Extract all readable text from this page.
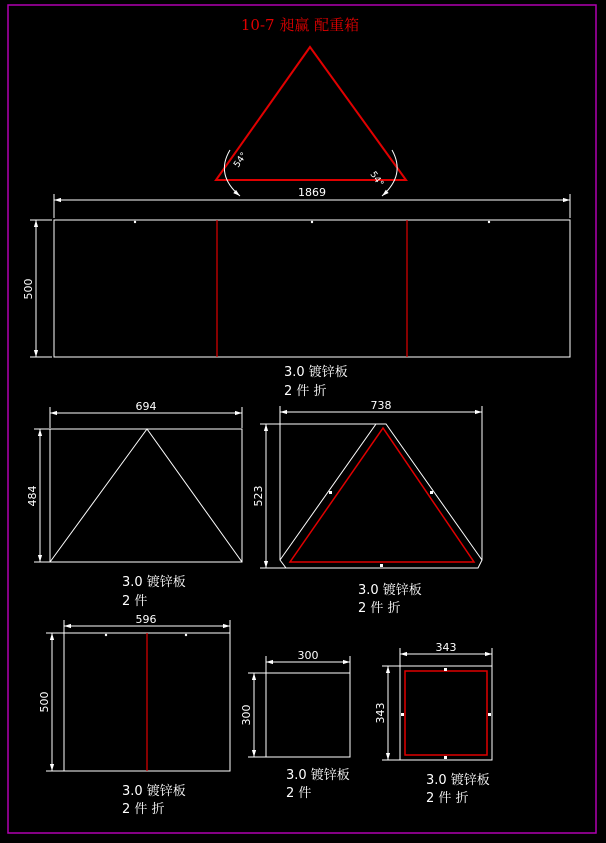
10-7 昶赢 配重箱
54°
54°
1869
500
3.0 镀锌板
2 件 折
694
484
3.0 镀锌板
2 件
738
523
3.0 镀锌板
2 件 折
596
500
3.0 镀锌板
2 件 折
300
300
3.0 镀锌板
2 件
343
343
3.0 镀锌板
2 件 折
